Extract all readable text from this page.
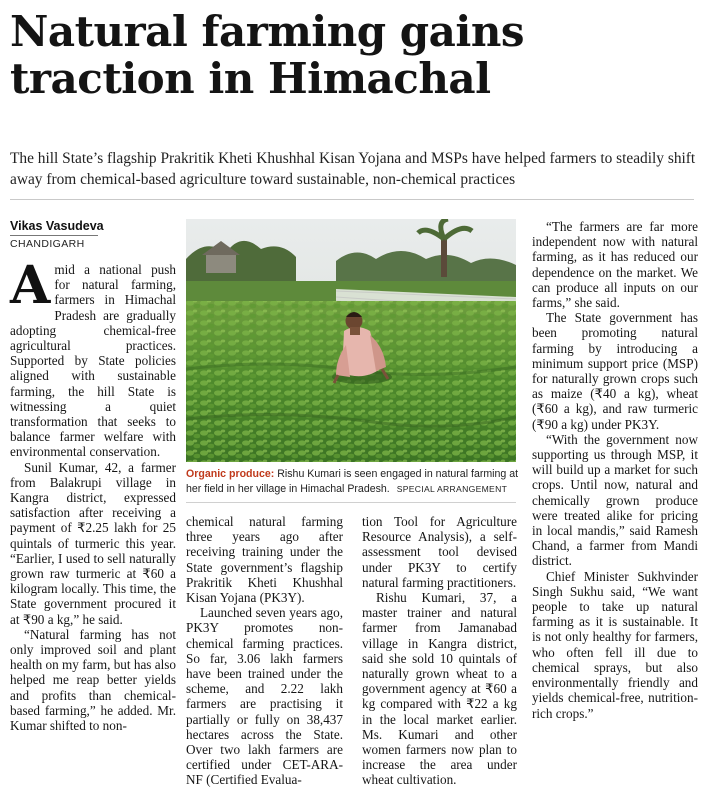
Natural farming gains
traction in Himachal

The hill State’s flagship Prakritik Kheti Khushhal Kisan Yojana and MSPs have helped farmers to steadily shift away from chemical-based agriculture toward sustainable, non-chemical practices

Vikas Vasudeva
CHANDIGARH

Amid a national push for natural farming, farmers in Himachal Pradesh are gradually adopting chemical-free agricultural practices. Supported by State policies aligned with sustainable farming, the hill State is witnessing a quiet transformation that seeks to balance farmer welfare with environmental conservation.

Sunil Kumar, 42, a farmer from Balakrupi village in Kangra district, expressed satisfaction after receiving a payment of ₹2.25 lakh for 25 quintals of turmeric this year. “Earlier, I used to sell naturally grown raw turmeric at ₹60 a kilogram locally. This time, the State government procured it at ₹90 a kg,” he said.

“Natural farming has not only improved soil and plant health on my farm, but has also helped me reap better yields and profits than chemical-based farming,” he added. Mr. Kumar shifted to non-

Organic produce: Rishu Kumari is seen engaged in natural farming at her field in her village in Himachal Pradesh. SPECIAL ARRANGEMENT

chemical natural farming three years ago after receiving training under the State government’s flagship Prakritik Kheti Khushhal Kisan Yojana (PK3Y).

Launched seven years ago, PK3Y promotes non-chemical farming practices. So far, 3.06 lakh farmers have been trained under the scheme, and 2.22 lakh farmers are practising it partially or fully on 38,437 hectares across the State. Over two lakh farmers are certified under CET-ARA-NF (Certified Evalua-

tion Tool for Agriculture Resource Analysis), a self-assessment tool devised under PK3Y to certify natural farming practitioners.

Rishu Kumari, 37, a master trainer and natural farmer from Jamanabad village in Kangra district, said she sold 10 quintals of naturally grown wheat to a government agency at ₹60 a kg compared with ₹22 a kg in the local market earlier. Ms. Kumari and other women farmers now plan to increase the area under wheat cultivation.

“The farmers are far more independent now with natural farming, as it has reduced our dependence on the market. We can produce all inputs on our farms,” she said.

The State government has been promoting natural farming by introducing a minimum support price (MSP) for naturally grown crops such as maize (₹40 a kg), wheat (₹60 a kg), and raw turmeric (₹90 a kg) under PK3Y.

“With the government now supporting us through MSP, it will build up a market for such crops. Until now, natural and chemically grown produce were treated alike for pricing in local mandis,” said Ramesh Chand, a farmer from Mandi district.

Chief Minister Sukhvinder Singh Sukhu said, “We want people to take up natural farming as it is sustainable. It is not only healthy for farmers, who often fell ill due to chemical sprays, but also environmentally friendly and yields chemical-free, nutrition-rich crops.”
